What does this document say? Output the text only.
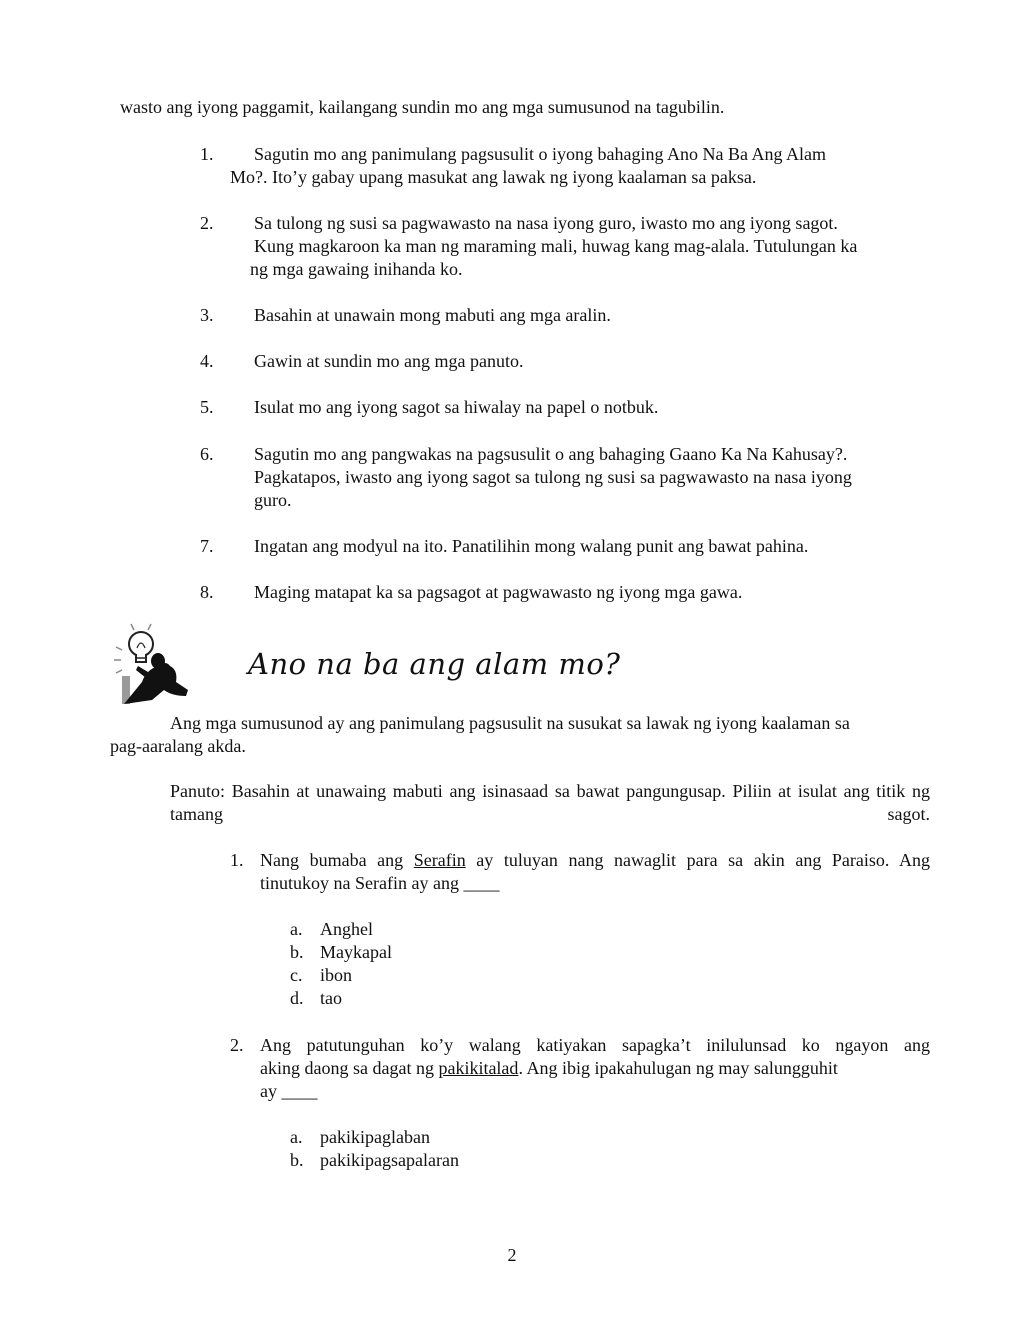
wasto ang iyong paggamit, kailangang sundin mo ang mga sumusunod na tagubilin.
1.	Sagutin mo ang panimulang pagsusulit o iyong bahaging Ano Na Ba Ang Alam
Mo?. Ito’y gabay upang masukat ang lawak ng iyong kaalaman sa paksa.
2. Sa tulong ng susi sa pagwawasto na nasa iyong guro, iwasto mo ang iyong sagot.
Kung magkaroon ka man ng maraming mali, huwag kang mag-alala. Tutulungan ka
ng mga gawaing inihanda ko.
3. Basahin at unawain mong mabuti ang mga aralin.
4. Gawin at sundin mo ang mga panuto.
5. Isulat mo ang iyong sagot sa hiwalay na papel o notbuk.
6. Sagutin mo ang pangwakas na pagsusulit o ang bahaging Gaano Ka Na Kahusay?.
Pagkatapos, iwasto ang iyong sagot sa tulong ng susi sa pagwawasto na nasa iyong
guro.
7. Ingatan ang modyul na ito. Panatilihin mong walang punit ang bawat pahina.
8. Maging matapat ka sa pagsagot at pagwawasto ng iyong mga gawa.
Ano na ba ang alam mo?
Ang mga sumusunod ay ang panimulang pagsusulit na susukat sa lawak ng iyong kaalaman sa
pag-aaralang akda.
Panuto: Basahin at unawaing mabuti ang isinasaad sa bawat pangungusap. Piliin at isulat ang titik ng tamang sagot.
1. Nang bumaba ang Serafin ay tuluyan nang nawaglit para sa akin ang Paraiso. Ang
tinutukoy na Serafin ay ang ____
a. Anghel
b. Maykapal
c. ibon
d. tao
2. Ang patutunguhan ko’y walang katiyakan sapagka’t inilulunsad ko ngayon ang
aking daong sa dagat ng pakikitalad. Ang ibig ipakahulugan ng may salungguhit
ay ____
a. pakikipaglaban
b. pakikipagsapalaran
2
